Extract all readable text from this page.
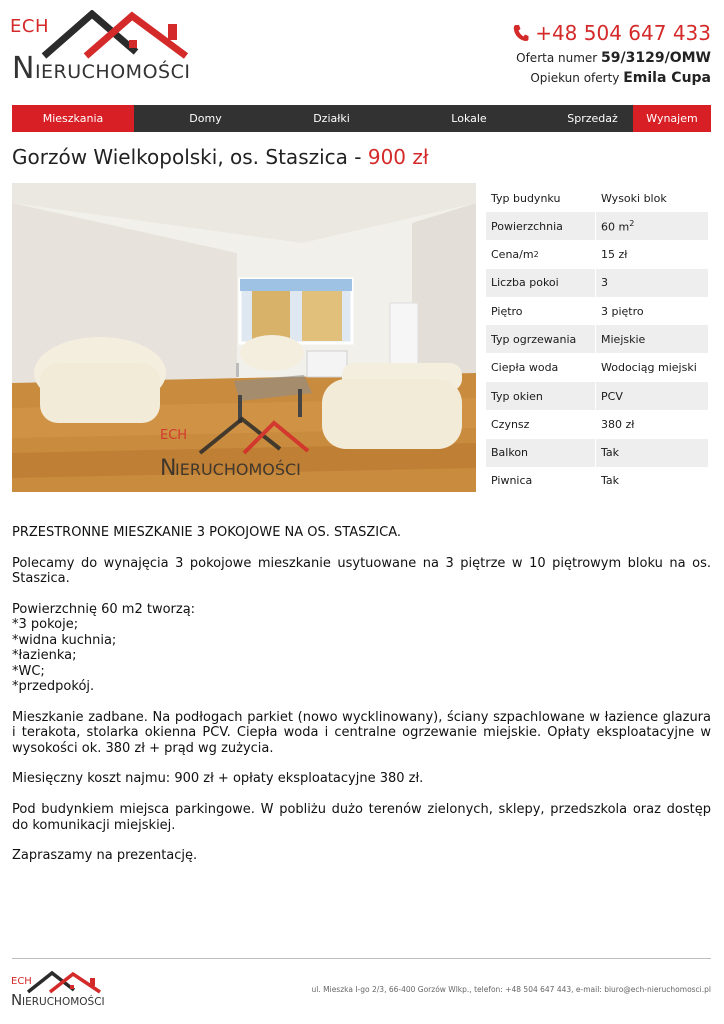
ECH
NIERUCHOMOŚCI
+48 504 647 433
Oferta numer 59/3129/OMW
Opiekun oferty Emila Cupa
Mieszkania	Domy	Działki	Lokale	Sprzedaż	Wynajem
Gorzów Wielkopolski, os. Staszica - 900 zł
ECH
N
IERUCHOMOŚCI
Typ budynku	Wysoki blok
Powierzchnia	60 $m^2$
Cena/m 2	15 zł
Liczba pokoi	3
Piętro	3 piętro
Typ ogrzewania	Miejskie
Ciepła woda	Wodociąg miejski
Typ okien	PCV
Czynsz	380 zł
Balkon	Tak
Piwnica	Tak

PRZESTRONNE MIESZKANIE 3 POKOJOWE NA OS. STASZICA.

Polecamy do wynajęcia 3 pokojowe mieszkanie usytuowane na 3 piętrze w 10 piętrowym bloku na os. Staszica.

Powierzchnię 60 m2 tworzą:
*3 pokoje;
*widna kuchnia;
*łazienka;
*WC;
*przedpokój.

Mieszkanie zadbane. Na podłogach parkiet (nowo wycklinowany), ściany szpachlowane w łazience glazura i terakota, stolarka okienna PCV. Ciepła woda i centralne ogrzewanie miejskie. Opłaty eksploatacyjne w wysokości ok. 380 zł + prąd wg zużycia.

Miesięczny koszt najmu: 900 zł + opłaty eksploatacyjne 380 zł.

Pod budynkiem miejsca parkingowe. W pobliżu dużo terenów zielonych, sklepy, przedszkola oraz dostęp do komunikacji miejskiej.

Zapraszamy na prezentację.

ECH
N IERUCHOMOŚCI
ul. Mieszka I-go 2/3, 66-400 Gorzów Wlkp., telefon: +48 504 647 443, e-mail: biuro@ech-nieruchomosci.pl
